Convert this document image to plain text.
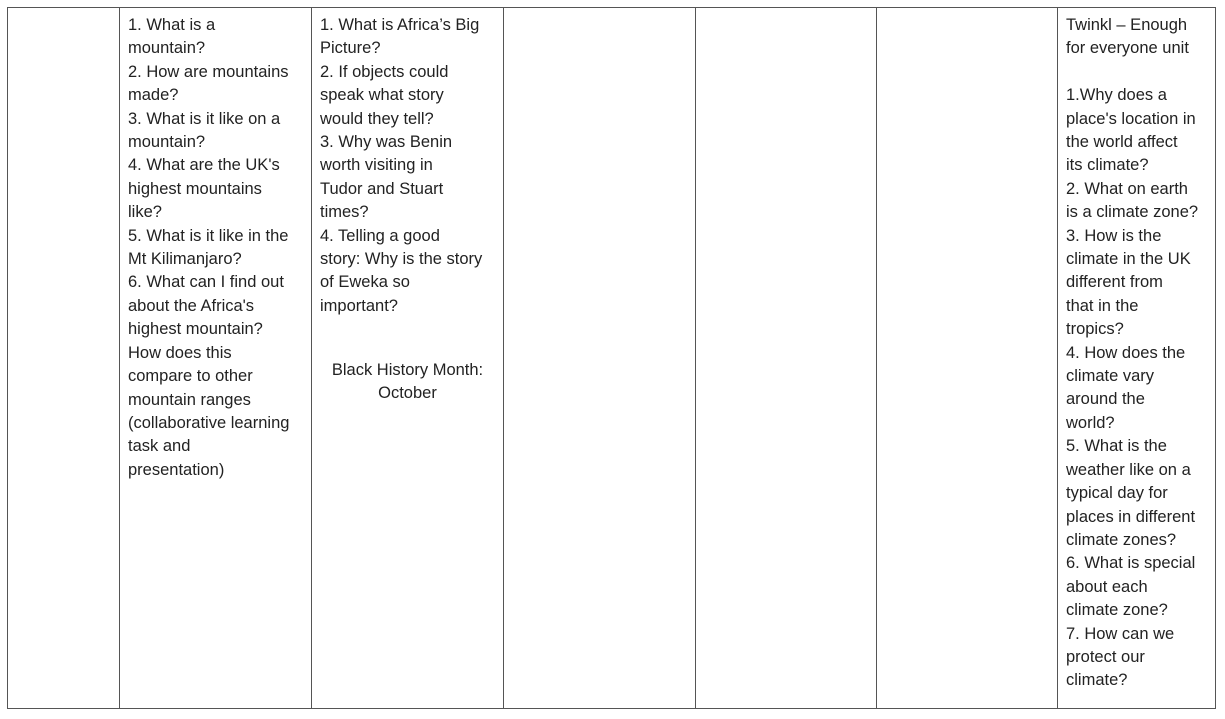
1. What is a
mountain?
2. How are mountains
made?
3. What is it like on a
mountain?
4. What are the UK's
highest mountains
like?
5. What is it like in the
Mt Kilimanjaro?
6. What can I find out
about the Africa's
highest mountain?
How does this
compare to other
mountain ranges
(collaborative learning
task and
presentation)
1. What is Africa’s Big
Picture?
2. If objects could
speak what story
would they tell?
3. Why was Benin
worth visiting in
Tudor and Stuart
times?
4. Telling a good
story: Why is the story
of Eweka so
important?
Black History Month:
October
Twinkl – Enough
for everyone unit
1.Why does a
place's location in
the world affect
its climate?
2. What on earth
is a climate zone?
3. How is the
climate in the UK
different from
that in the
tropics?
4. How does the
climate vary
around the
world?
5. What is the
weather like on a
typical day for
places in different
climate zones?
6. What is special
about each
climate zone?
7. How can we
protect our
climate?
